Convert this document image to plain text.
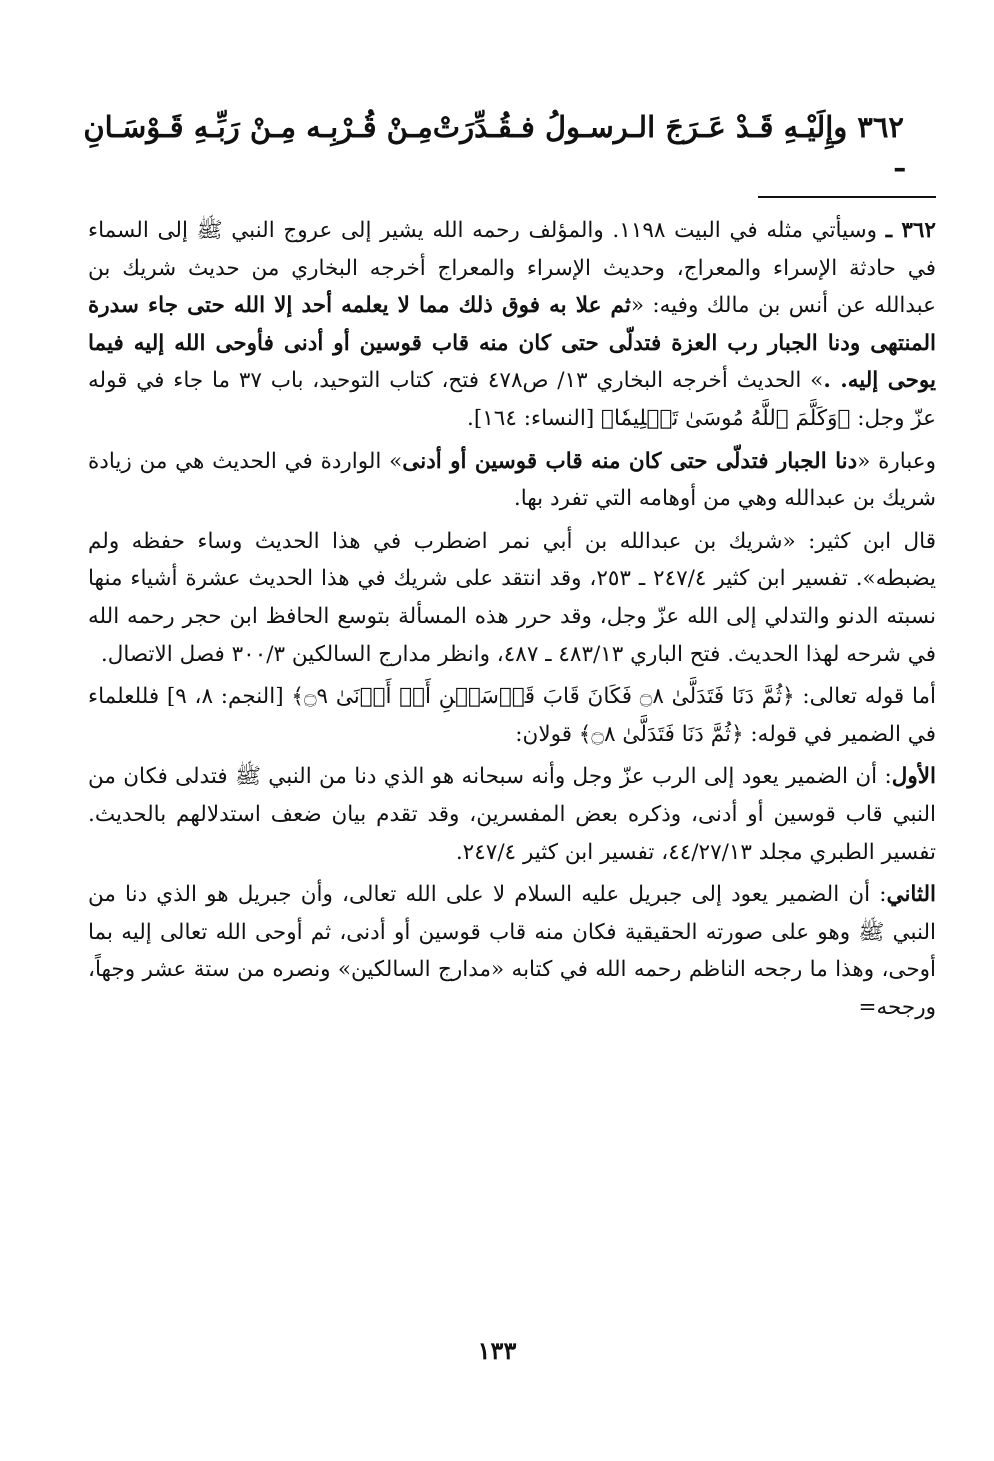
٣٦٢ ـ
وإِلَيْـهِ قَـدْ عَـرَجَ الـرسـولُ فـقُـدِّرَتْ
مِـنْ قُـرْبِـه مِـنْ رَبِّـهِ قَـوْسَـانِ

٣٦٢ ـ وسيأتي مثله في البيت ١١٩٨. والمؤلف رحمه الله يشير إلى عروج النبي ﷺ إلى السماء في حادثة الإسراء والمعراج، وحديث الإسراء والمعراج أخرجه البخاري من حديث شريك بن عبدالله عن أنس بن مالك وفيه: «ثم علا به فوق ذلك مما لا يعلمه أحد إلا الله حتى جاء سدرة المنتهى ودنا الجبار رب العزة فتدلّى حتى كان منه قاب قوسين أو أدنى فأوحى الله إليه فيما يوحى إليه. .» الحديث أخرجه البخاري ١٣/ ص٤٧٨ فتح، كتاب التوحيد، باب ٣٧ ما جاء في قوله عزّ وجل: ﴿وَكَلَّمَ ٱللَّهُ مُوسَىٰ تَكۡلِيمٗا﴾ [النساء: ١٦٤].

وعبارة «دنا الجبار فتدلّى حتى كان منه قاب قوسين أو أدنى» الواردة في الحديث هي من زيادة شريك بن عبدالله وهي من أوهامه التي تفرد بها.

قال ابن كثير: «شريك بن عبدالله بن أبي نمر اضطرب في هذا الحديث وساء حفظه ولم يضبطه». تفسير ابن كثير ٢٤٧/٤ ـ ٢٥٣، وقد انتقد على شريك في هذا الحديث عشرة أشياء منها نسبته الدنو والتدلي إلى الله عزّ وجل، وقد حرر هذه المسألة بتوسع الحافظ ابن حجر رحمه الله في شرحه لهذا الحديث. فتح الباري ٤٨٣/١٣ ـ ٤٨٧، وانظر مدارج السالكين ٣٠٠/٣ فصل الاتصال.

أما قوله تعالى: ﴿ثُمَّ دَنَا فَتَدَلَّىٰ ۝٨ فَكَانَ قَابَ قَوۡسَيۡنِ أَوۡ أَدۡنَىٰ ۝٩﴾ [النجم: ٨، ٩] فللعلماء في الضمير في قوله: ﴿ثُمَّ دَنَا فَتَدَلَّىٰ ۝٨﴾ قولان:

الأول: أن الضمير يعود إلى الرب عزّ وجل وأنه سبحانه هو الذي دنا من النبي ﷺ فتدلى فكان من النبي قاب قوسين أو أدنى، وذكره بعض المفسرين، وقد تقدم بيان ضعف استدلالهم بالحديث. تفسير الطبري مجلد ٤٤/٢٧/١٣، تفسير ابن كثير ٢٤٧/٤.

الثاني: أن الضمير يعود إلى جبريل عليه السلام لا على الله تعالى، وأن جبريل هو الذي دنا من النبي ﷺ وهو على صورته الحقيقية فكان منه قاب قوسين أو أدنى، ثم أوحى الله تعالى إليه بما أوحى، وهذا ما رجحه الناظم رحمه الله في كتابه «مدارج السالكين» ونصره من ستة عشر وجهاً، ورجحه=

١٣٣
